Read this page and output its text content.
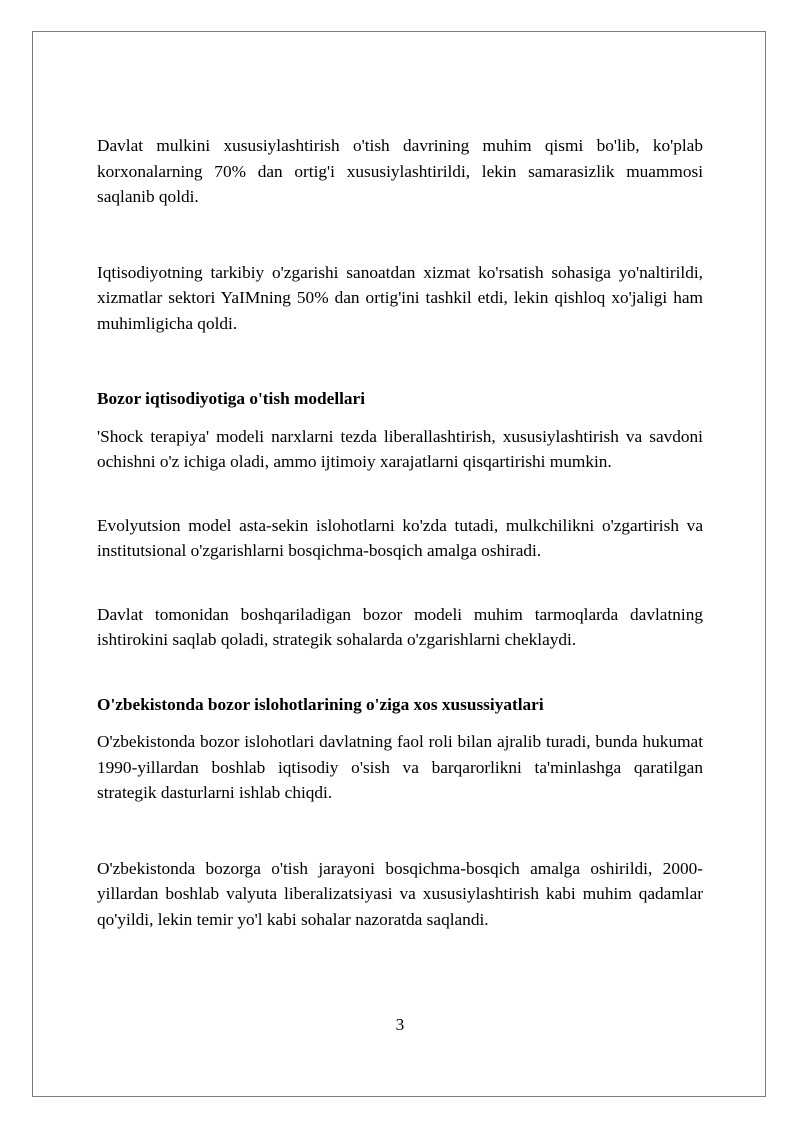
Davlat mulkini xususiylashtirish o'tish davrining muhim qismi bo'lib, ko'plab korxonalarning 70% dan ortig'i xususiylashtirildi, lekin samarasizlik muammosi saqlanib qoldi.

Iqtisodiyotning tarkibiy o'zgarishi sanoatdan xizmat ko'rsatish sohasiga yo'naltirildi, xizmatlar sektori YaIMning 50% dan ortig'ini tashkil etdi, lekin qishloq xo'jaligi ham muhimligicha qoldi.

Bozor iqtisodiyotiga o'tish modellari

'Shock terapiya' modeli narxlarni tezda liberallashtirish, xususiylashtirish va savdoni ochishni o'z ichiga oladi, ammo ijtimoiy xarajatlarni qisqartirishi mumkin.

Evolyutsion model asta-sekin islohotlarni ko'zda tutadi, mulkchilikni o'zgartirish va institutsional o'zgarishlarni bosqichma-bosqich amalga oshiradi.

Davlat tomonidan boshqariladigan bozor modeli muhim tarmoqlarda davlatning ishtirokini saqlab qoladi, strategik sohalarda o'zgarishlarni cheklaydi.

O'zbekistonda bozor islohotlarining o'ziga xos xusussiyatlari

O'zbekistonda bozor islohotlari davlatning faol roli bilan ajralib turadi, bunda hukumat 1990-yillardan boshlab iqtisodiy o'sish va barqarorlikni ta'minlashga qaratilgan strategik dasturlarni ishlab chiqdi.

O'zbekistonda bozorga o'tish jarayoni bosqichma-bosqich amalga oshirildi, 2000-yillardan boshlab valyuta liberalizatsiyasi va xususiylashtirish kabi muhim qadamlar qo'yildi, lekin temir yo'l kabi sohalar nazoratda saqlandi.

3
